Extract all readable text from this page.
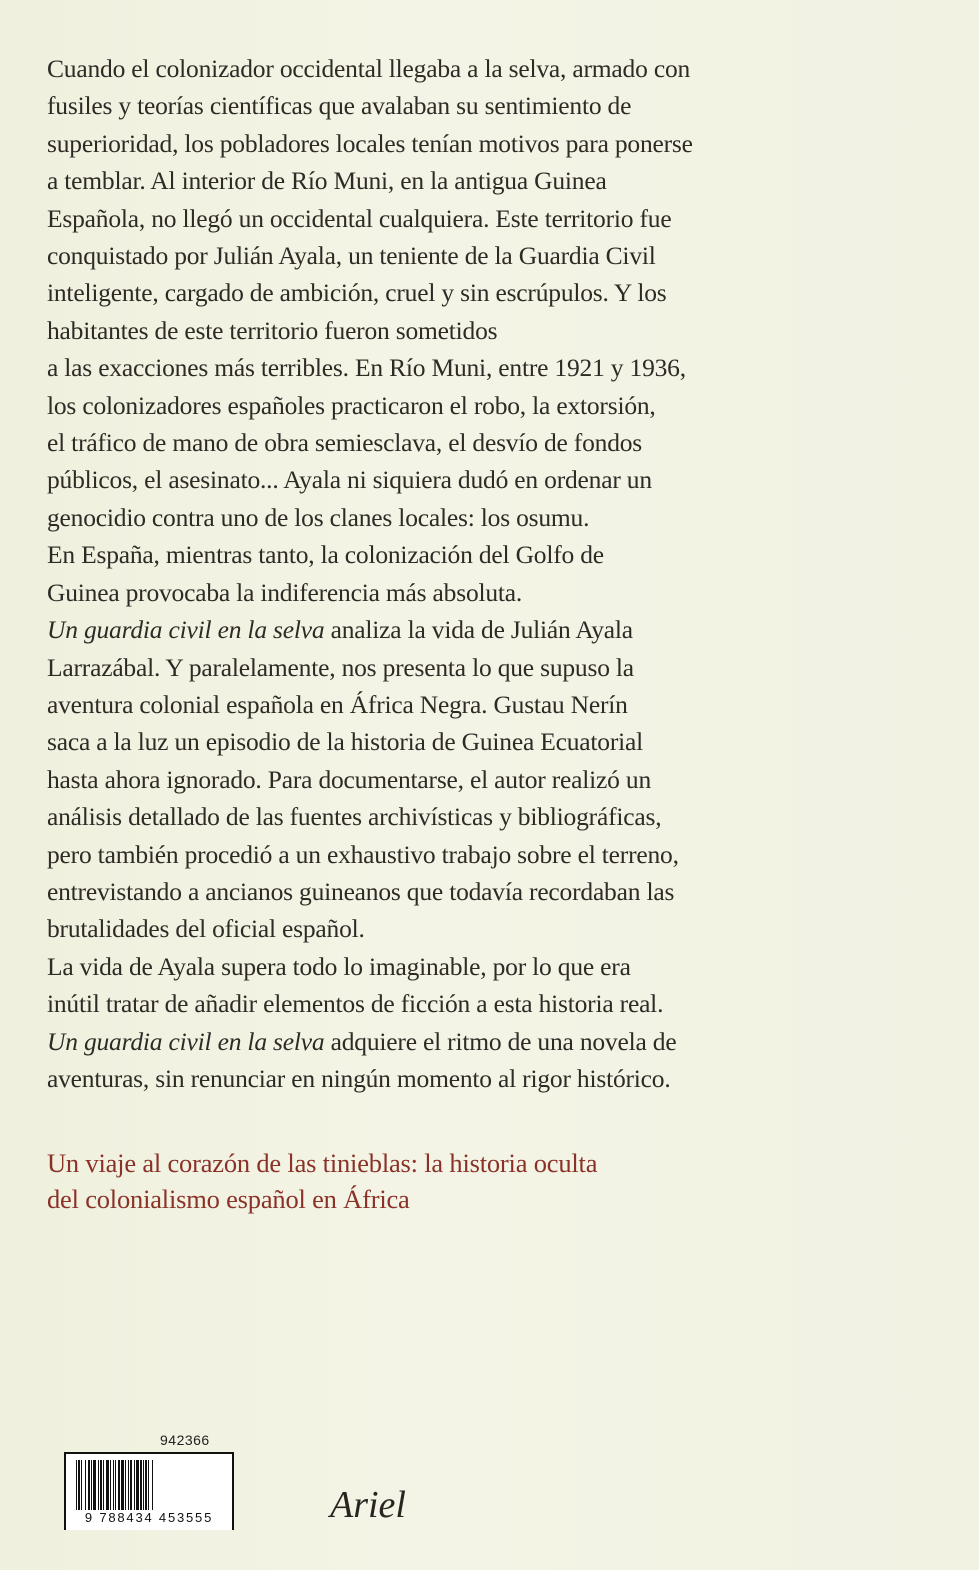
Cuando el colonizador occidental llegaba a la selva, armado con
fusiles y teorías científicas que avalaban su sentimiento de
superioridad, los pobladores locales tenían motivos para ponerse
a temblar. Al interior de Río Muni, en la antigua Guinea
Española, no llegó un occidental cualquiera. Este territorio fue
conquistado por Julián Ayala, un teniente de la Guardia Civil
inteligente, cargado de ambición, cruel y sin escrúpulos. Y los
habitantes de este territorio fueron sometidos
a las exacciones más terribles. En Río Muni, entre 1921 y 1936,
los colonizadores españoles practicaron el robo, la extorsión,
el tráfico de mano de obra semiesclava, el desvío de fondos
públicos, el asesinato... Ayala ni siquiera dudó en ordenar un
genocidio contra uno de los clanes locales: los osumu.
En España, mientras tanto, la colonización del Golfo de
Guinea provocaba la indiferencia más absoluta.
Un guardia civil en la selva analiza la vida de Julián Ayala
Larrazábal. Y paralelamente, nos presenta lo que supuso la
aventura colonial española en África Negra. Gustau Nerín
saca a la luz un episodio de la historia de Guinea Ecuatorial
hasta ahora ignorado. Para documentarse, el autor realizó un
análisis detallado de las fuentes archivísticas y bibliográficas,
pero también procedió a un exhaustivo trabajo sobre el terreno,
entrevistando a ancianos guineanos que todavía recordaban las
brutalidades del oficial español.
La vida de Ayala supera todo lo imaginable, por lo que era
inútil tratar de añadir elementos de ficción a esta historia real.
Un guardia civil en la selva adquiere el ritmo de una novela de
aventuras, sin renunciar en ningún momento al rigor histórico.
Un viaje al corazón de las tinieblas: la historia oculta
del colonialismo español en África
942366
9 788434 453555	Ariel
